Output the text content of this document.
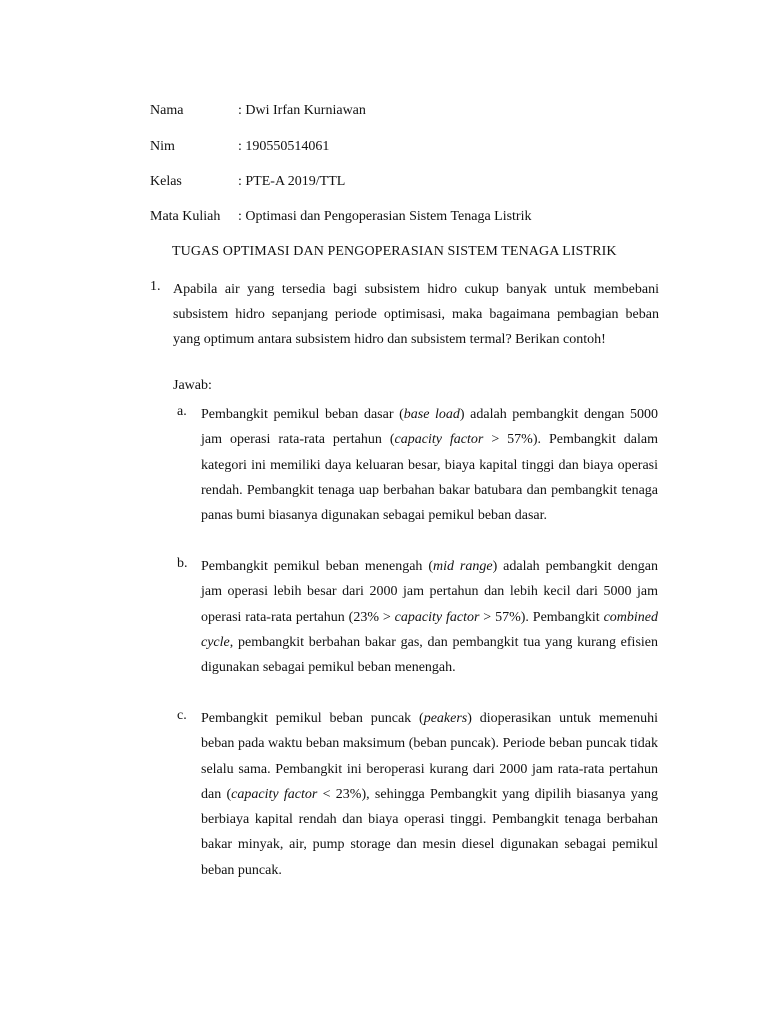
Nama	: Dwi Irfan Kurniawan
Nim	: 190550514061
Kelas	: PTE-A 2019/TTL
Mata Kuliah : Optimasi dan Pengoperasian Sistem Tenaga Listrik
TUGAS OPTIMASI DAN PENGOPERASIAN SISTEM TENAGA LISTRIK
1. Apabila air yang tersedia bagi subsistem hidro cukup banyak untuk membebani subsistem hidro sepanjang periode optimisasi, maka bagaimana pembagian beban yang optimum antara subsistem hidro dan subsistem termal? Berikan contoh!

Jawab:
a. Pembangkit pemikul beban dasar (base load) adalah pembangkit dengan 5000 jam operasi rata-rata pertahun (capacity factor > 57%). Pembangkit dalam kategori ini memiliki daya keluaran besar, biaya kapital tinggi dan biaya operasi rendah. Pembangkit tenaga uap berbahan bakar batubara dan pembangkit tenaga panas bumi biasanya digunakan sebagai pemikul beban dasar.

b. Pembangkit pemikul beban menengah (mid range) adalah pembangkit dengan jam operasi lebih besar dari 2000 jam pertahun dan lebih kecil dari 5000 jam operasi rata-rata pertahun (23% > capacity factor > 57%). Pembangkit combined cycle, pembangkit berbahan bakar gas, dan pembangkit tua yang kurang efisien digunakan sebagai pemikul beban menengah.

c. Pembangkit pemikul beban puncak (peakers) dioperasikan untuk memenuhi beban pada waktu beban maksimum (beban puncak). Periode beban puncak tidak selalu sama. Pembangkit ini beroperasi kurang dari 2000 jam rata-rata pertahun dan (capacity factor < 23%), sehingga Pembangkit yang dipilih biasanya yang berbiaya kapital rendah dan biaya operasi tinggi. Pembangkit tenaga berbahan bakar minyak, air, pump storage dan mesin diesel digunakan sebagai pemikul beban puncak.
